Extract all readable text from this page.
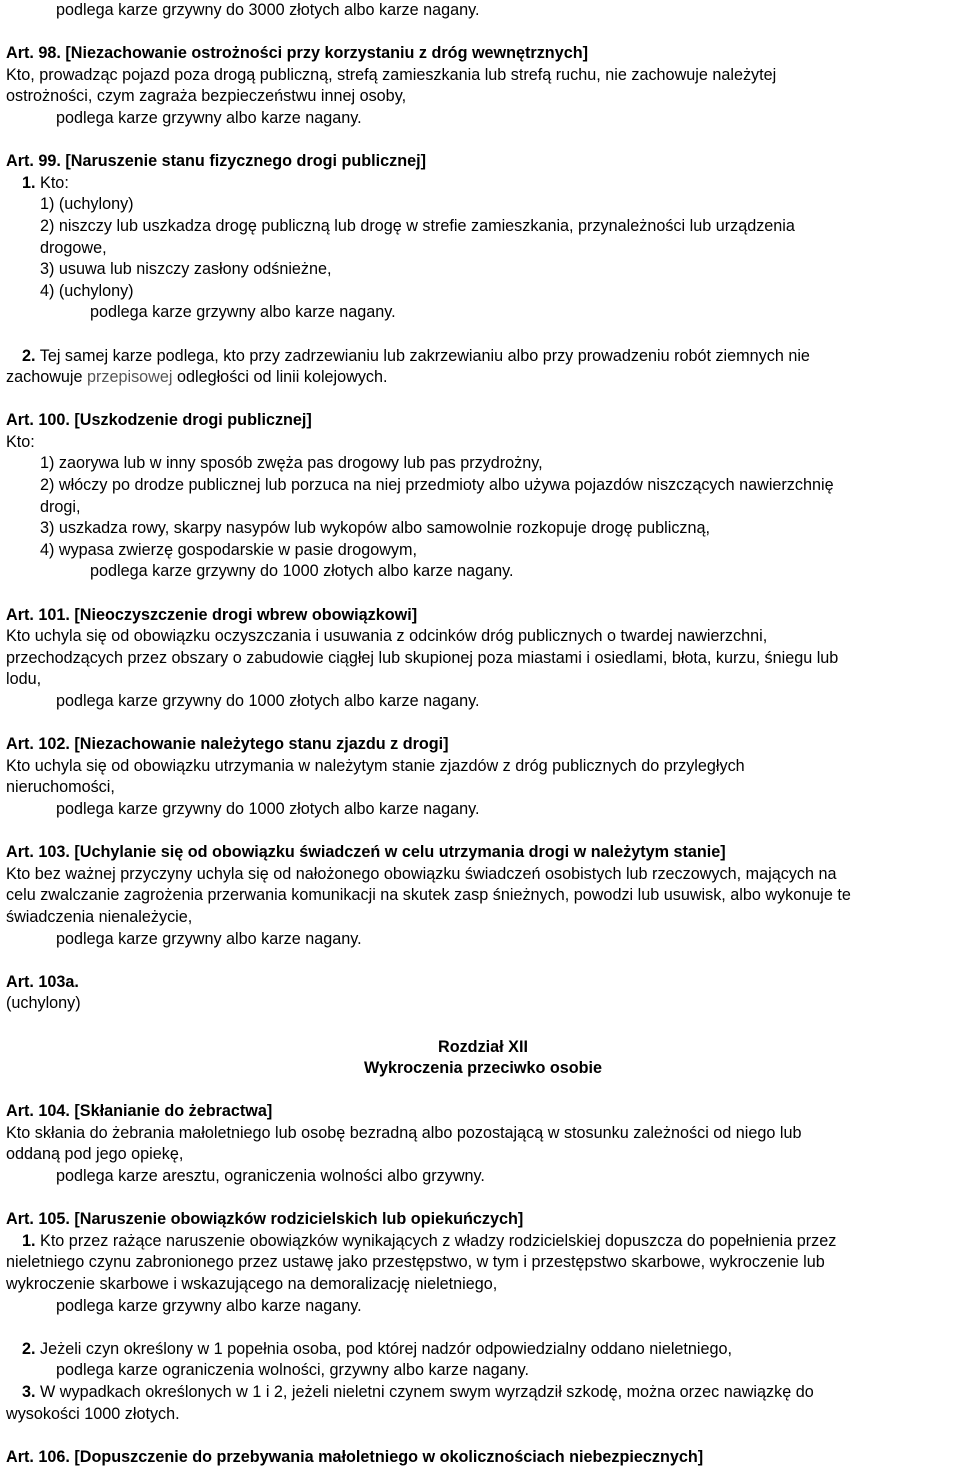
podlega karze grzywny do 3000 złotych albo karze nagany.
Art. 98. [Niezachowanie ostrożności przy korzystaniu z dróg wewnętrznych]
Kto, prowadząc pojazd poza drogą publiczną, strefą zamieszkania lub strefą ruchu, nie zachowuje należytej
ostrożności, czym zagraża bezpieczeństwu innej osoby,
podlega karze grzywny albo karze nagany.
Art. 99. [Naruszenie stanu fizycznego drogi publicznej]
1. Kto:
1) (uchylony)
2) niszczy lub uszkadza drogę publiczną lub drogę w strefie zamieszkania, przynależności lub urządzenia
drogowe,
3) usuwa lub niszczy zasłony odśnieżne,
4) (uchylony)
podlega karze grzywny albo karze nagany.
2. Tej samej karze podlega, kto przy zadrzewianiu lub zakrzewianiu albo przy prowadzeniu robót ziemnych nie
zachowuje przepisowej odległości od linii kolejowych.
Art. 100. [Uszkodzenie drogi publicznej]
Kto:
1) zaorywa lub w inny sposób zwęża pas drogowy lub pas przydrożny,
2) włóczy po drodze publicznej lub porzuca na niej przedmioty albo używa pojazdów niszczących nawierzchnię
drogi,
3) uszkadza rowy, skarpy nasypów lub wykopów albo samowolnie rozkopuje drogę publiczną,
4) wypasa zwierzę gospodarskie w pasie drogowym,
podlega karze grzywny do 1000 złotych albo karze nagany.
Art. 101. [Nieoczyszczenie drogi wbrew obowiązkowi]
Kto uchyla się od obowiązku oczyszczania i usuwania z odcinków dróg publicznych o twardej nawierzchni,
przechodzących przez obszary o zabudowie ciągłej lub skupionej poza miastami i osiedlami, błota, kurzu, śniegu lub
lodu,
podlega karze grzywny do 1000 złotych albo karze nagany.
Art. 102. [Niezachowanie należytego stanu zjazdu z drogi]
Kto uchyla się od obowiązku utrzymania w należytym stanie zjazdów z dróg publicznych do przyległych
nieruchomości,
podlega karze grzywny do 1000 złotych albo karze nagany.
Art. 103. [Uchylanie się od obowiązku świadczeń w celu utrzymania drogi w należytym stanie]
Kto bez ważnej przyczyny uchyla się od nałożonego obowiązku świadczeń osobistych lub rzeczowych, mających na
celu zwalczanie zagrożenia przerwania komunikacji na skutek zasp śnieżnych, powodzi lub usuwisk, albo wykonuje te
świadczenia nienależycie,
podlega karze grzywny albo karze nagany.
Art. 103a.
(uchylony)
Rozdział XII
Wykroczenia przeciwko osobie
Art. 104. [Skłanianie do żebractwa]
Kto skłania do żebrania małoletniego lub osobę bezradną albo pozostającą w stosunku zależności od niego lub
oddaną pod jego opiekę,
podlega karze aresztu, ograniczenia wolności albo grzywny.
Art. 105. [Naruszenie obowiązków rodzicielskich lub opiekuńczych]
1. Kto przez rażące naruszenie obowiązków wynikających z władzy rodzicielskiej dopuszcza do popełnienia przez
nieletniego czynu zabronionego przez ustawę jako przestępstwo, w tym i przestępstwo skarbowe, wykroczenie lub
wykroczenie skarbowe i wskazującego na demoralizację nieletniego,
podlega karze grzywny albo karze nagany.
2. Jeżeli czyn określony w 1 popełnia osoba, pod której nadzór odpowiedzialny oddano nieletniego,
podlega karze ograniczenia wolności, grzywny albo karze nagany.
3. W wypadkach określonych w 1 i 2, jeżeli nieletni czynem swym wyrządził szkodę, można orzec nawiązkę do
wysokości 1000 złotych.
Art. 106. [Dopuszczenie do przebywania małoletniego w okolicznościach niebezpiecznych]
